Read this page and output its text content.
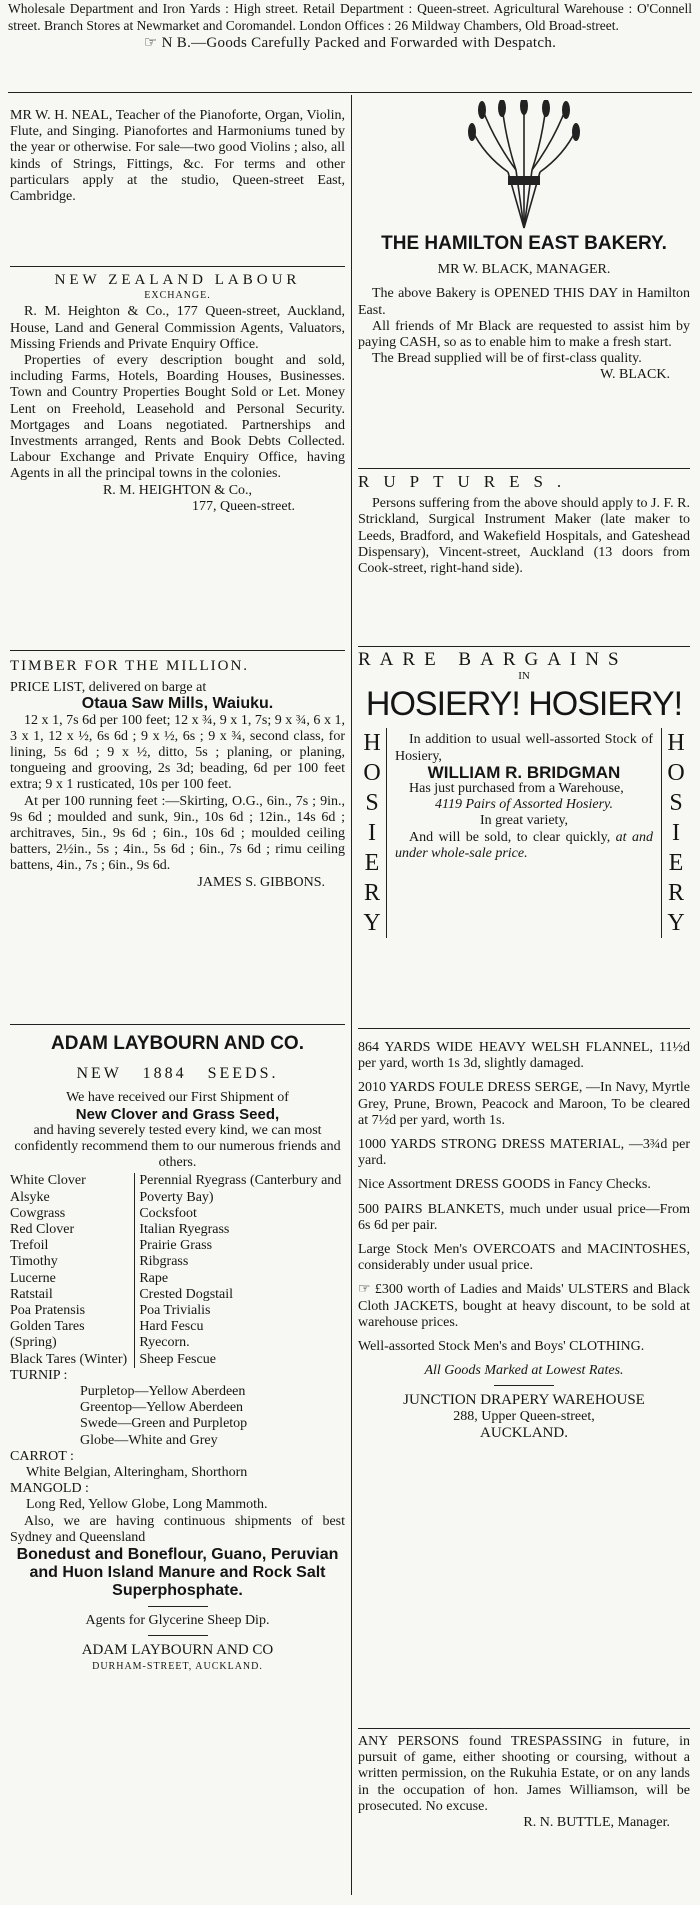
Wholesale Department and Iron Yards : High street. Retail Department : Queen-street. Agricultural Warehouse : O'Connell street. Branch Stores at Newmarket and Coromandel. London Offices : 26 Mildway Chambers, Old Broad-street.

☞ N B.—Goods Carefully Packed and Forwarded with Despatch.

MR W. H. NEAL, Teacher of the Pianoforte, Organ, Violin, Flute, and Singing. Pianofortes and Harmoniums tuned by the year or otherwise. For sale—two good Violins ; also, all kinds of Strings, Fittings, &c. For terms and other particulars apply at the studio, Queen-street East, Cambridge.

NEW ZEALAND LABOUR
EXCHANGE.

R. M. Heighton & Co., 177 Queen-street, Auckland, House, Land and General Commission Agents, Valuators, Missing Friends and Private Enquiry Office.

Properties of every description bought and sold, including Farms, Hotels, Boarding Houses, Businesses. Town and Country Properties Bought Sold or Let. Money Lent on Freehold, Leasehold and Personal Security. Mortgages and Loans negotiated. Partnerships and Investments arranged, Rents and Book Debts Collected. Labour Exchange and Private Enquiry Office, having Agents in all the principal towns in the colonies.

R. M. HEIGHTON & Co.,
177, Queen-street.
TIMBER FOR THE MILLION.
PRICE LIST, delivered on barge at
Otaua Saw Mills, Waiuku.

12 x 1, 7s 6d per 100 feet; 12 x ¾, 9 x 1, 7s; 9 x ¾, 6 x 1, 3 x 1, 12 x ½, 6s 6d ; 9 x ½, 6s ; 9 x ¾, second class, for lining, 5s 6d ; 9 x ½, ditto, 5s ; planing, or planing, tongueing and grooving, 2s 3d; beading, 6d per 100 feet extra; 9 x 1 rusticated, 10s per 100 feet.

At per 100 running feet :—Skirting, O.G., 6in., 7s ; 9in., 9s 6d ; moulded and sunk, 9in., 10s 6d ; 12in., 14s 6d ; architraves, 5in., 9s 6d ; 6in., 10s 6d ; moulded ceiling batters, 2½in., 5s ; 4in., 5s 6d ; 6in., 7s 6d ; rimu ceiling battens, 4in., 7s ; 6in., 9s 6d.

JAMES S. GIBBONS.
ADAM LAYBOURN AND CO.
NEW 1884 SEEDS.

We have received our First Shipment of

New Clover and Grass Seed,

and having severely tested every kind, we can most confidently recommend them to our numerous friends and others.

White Clover
Alsyke
Cowgrass
Red Clover
Trefoil
Timothy
Lucerne
Ratstail
Poa Pratensis
Golden Tares (Spring)
Black Tares (Winter)
Perennial Ryegrass (Canterbury and Poverty Bay)
Cocksfoot
Italian Ryegrass
Prairie Grass
Ribgrass
Rape
Crested Dogstail
Poa Trivialis
Hard Fescu
Ryecorn.
Sheep Fescue
TURNIP :
Purpletop—Yellow Aberdeen
Greentop—Yellow Aberdeen
Swede—Green and Purpletop
Globe—White and Grey
CARROT :
White Belgian, Alteringham, Shorthorn
MANGOLD :
Long Red, Yellow Globe, Long Mammoth.

Also, we are having continuous shipments of best Sydney and Queensland

Bonedust and Boneflour, Guano, Peruvian and Huon Island Manure and Rock Salt Superphosphate.

Agents for Glycerine Sheep Dip.
ADAM LAYBOURN AND CO
DURHAM-STREET, AUCKLAND.
THE HAMILTON EAST BAKERY.
MR W. BLACK, MANAGER.

The above Bakery is OPENED THIS DAY in Hamilton East.

All friends of Mr Black are requested to assist him by paying CASH, so as to enable him to make a fresh start.

The Bread supplied will be of first-class quality.

W. BLACK.
RUPTURES.

Persons suffering from the above should apply to J. F. R. Strickland, Surgical Instrument Maker (late maker to Leeds, Bradford, and Wakefield Hospitals, and Gateshead Dispensary), Vincent-street, Auckland (13 doors from Cook-street, right-hand side).

RARE BARGAINS
IN
HOSIERY! HOSIERY!
H
O
S
I
E
R
Y

In addition to usual well-assorted Stock of Hosiery,

WILLIAM R. BRIDGMAN

Has just purchased from a Warehouse,

4119 Pairs of Assorted Hosiery.

In great variety,

And will be sold, to clear quickly, at and under whole-sale price.

H
O
S
I
E
R
Y

864 YARDS WIDE HEAVY WELSH FLANNEL, 11½d per yard, worth 1s 3d, slightly damaged.

2010 YARDS FOULE DRESS SERGE, —In Navy, Myrtle Grey, Prune, Brown, Peacock and Maroon, To be cleared at 7½d per yard, worth 1s.

1000 YARDS STRONG DRESS MATERIAL, —3¾d per yard.

Nice Assortment DRESS GOODS in Fancy Checks.

500 PAIRS BLANKETS, much under usual price—From 6s 6d per pair.

Large Stock Men's OVERCOATS and MACINTOSHES, considerably under usual price.

☞ £300 worth of Ladies and Maids' ULSTERS and Black Cloth JACKETS, bought at heavy discount, to be sold at warehouse prices.

Well-assorted Stock Men's and Boys' CLOTHING.

All Goods Marked at Lowest Rates.

JUNCTION DRAPERY WAREHOUSE

288, Upper Queen-street,

AUCKLAND.

ANY PERSONS found TRESPASSING in future, in pursuit of game, either shooting or coursing, without a written permission, on the Rukuhia Estate, or on any lands in the occupation of hon. James Williamson, will be prosecuted. No excuse.

R. N. BUTTLE, Manager.
